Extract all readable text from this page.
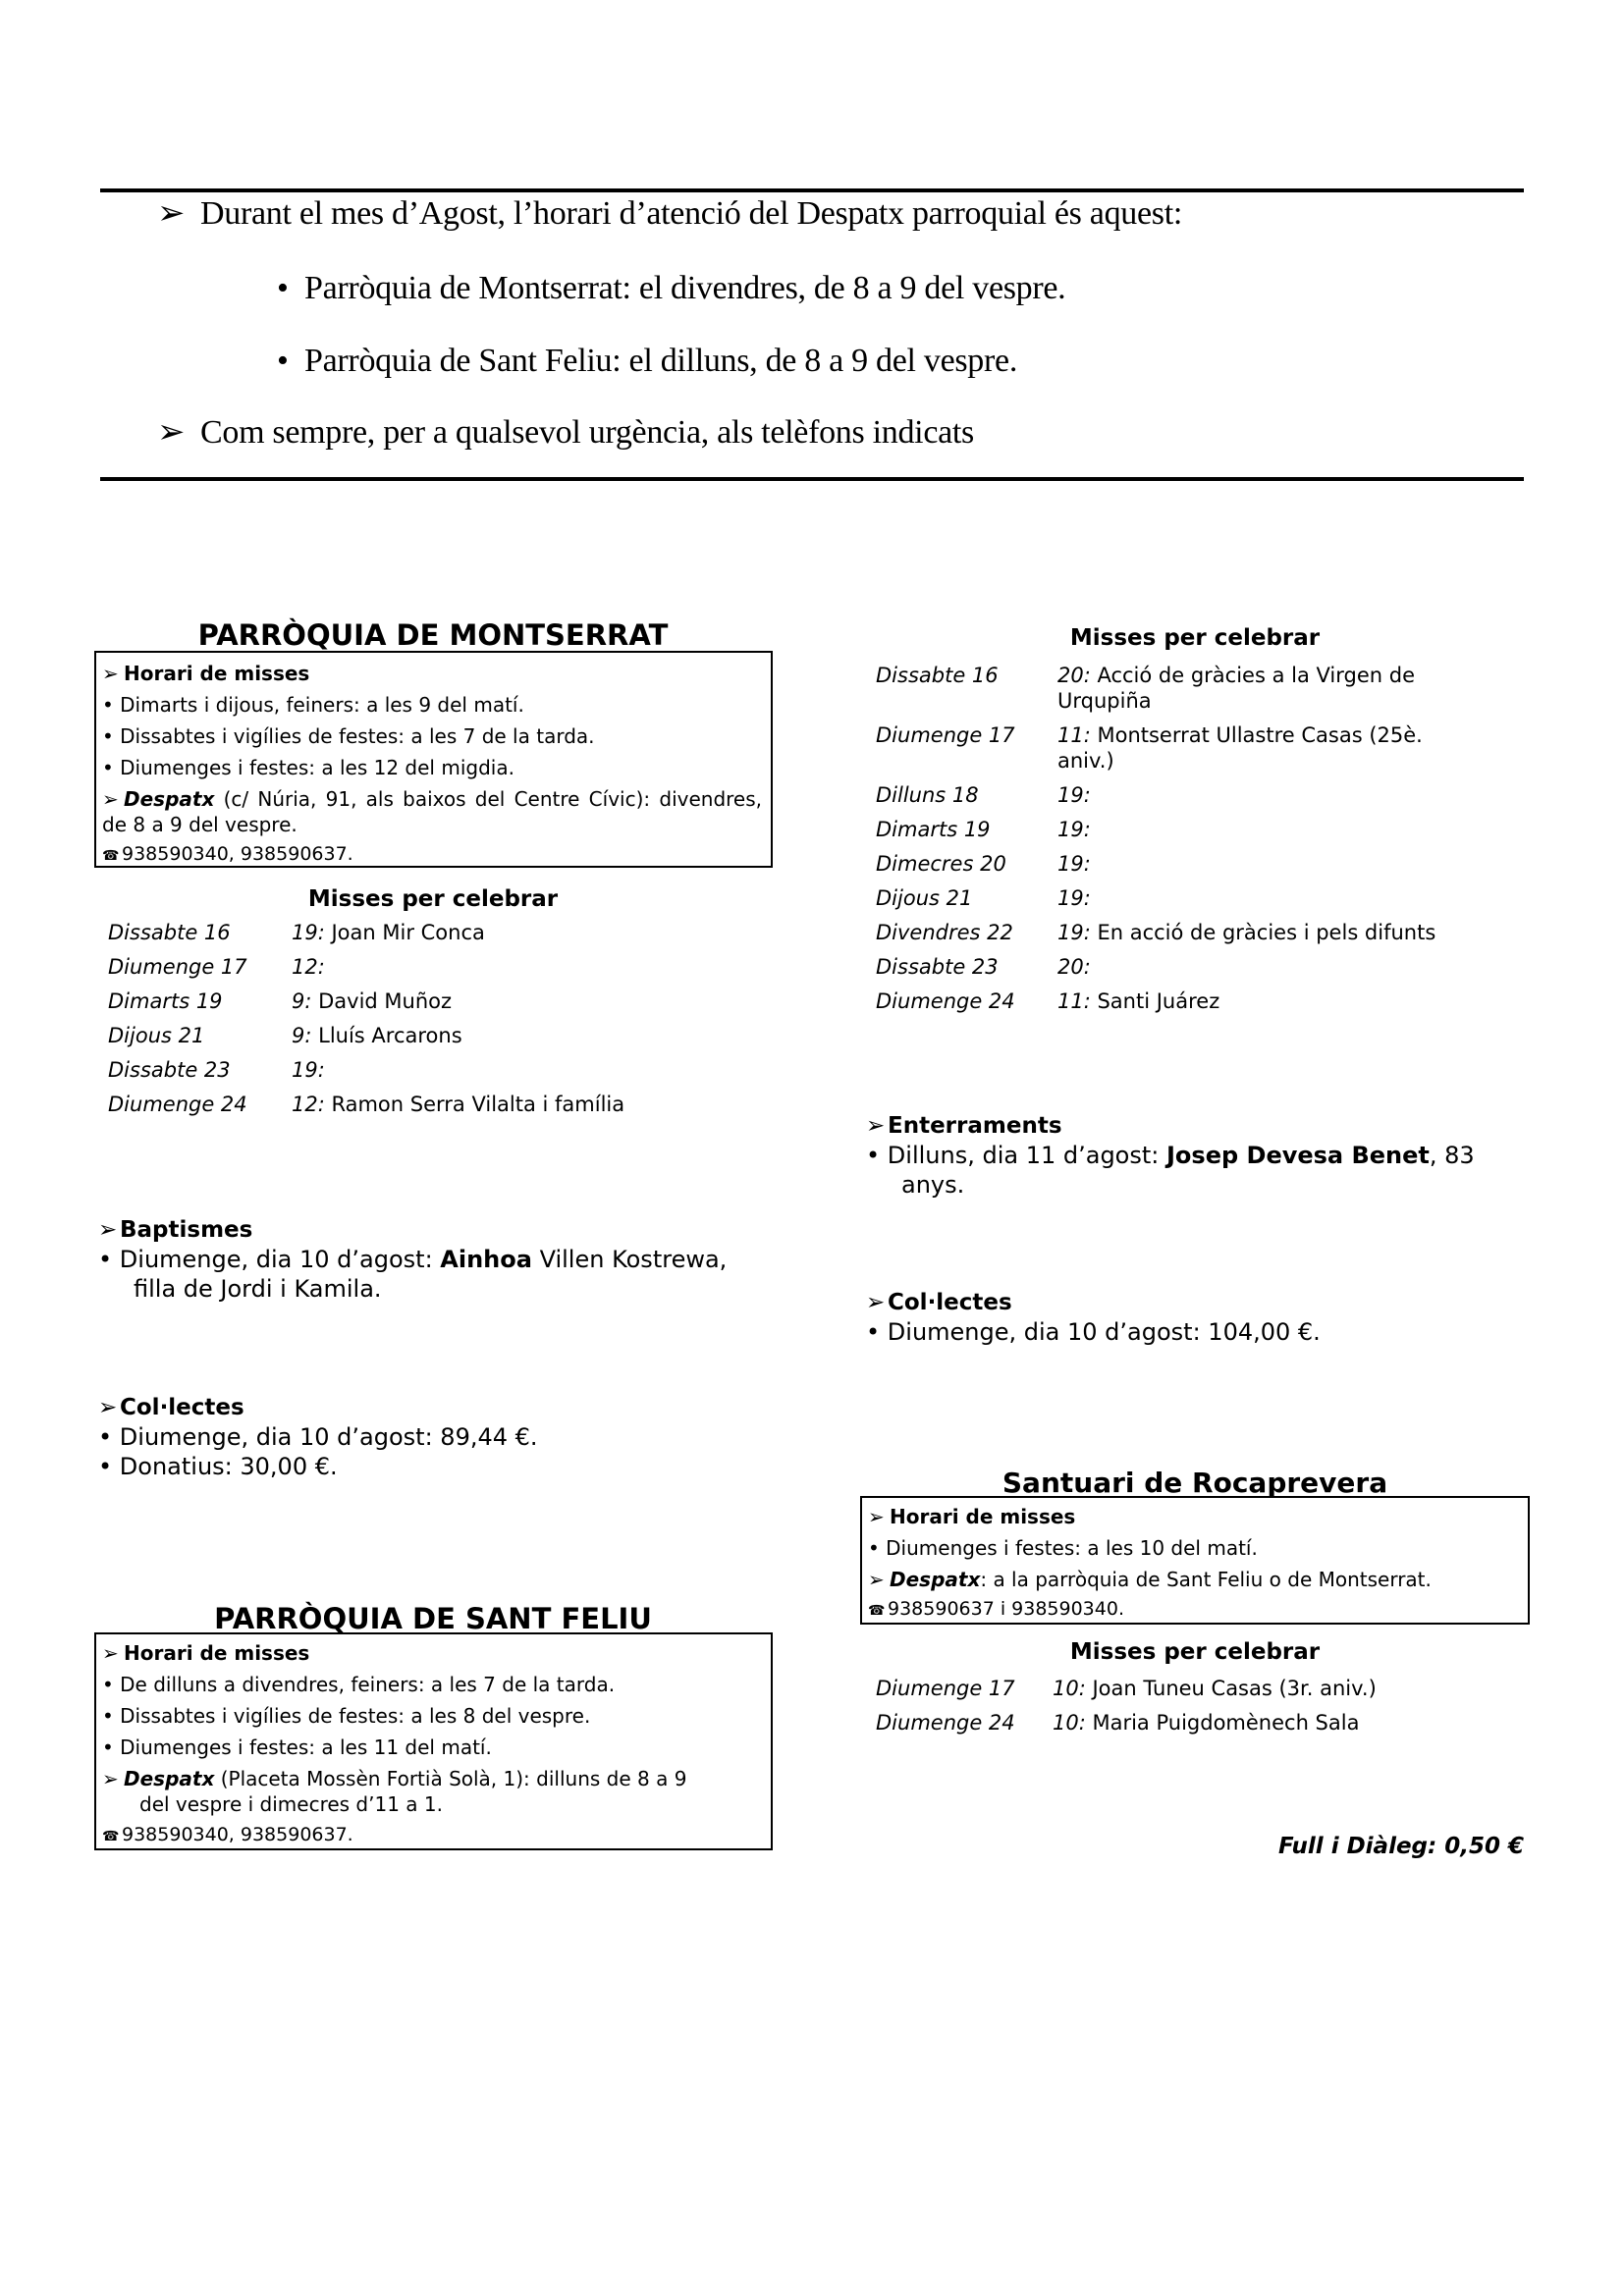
➢ Durant el mes d’Agost, l’horari d’atenció del Despatx parroquial és aquest:
• Parròquia de Montserrat: el divendres, de 8 a 9 del vespre.
• Parròquia de Sant Feliu: el dilluns, de 8 a 9 del vespre.
➢ Com sempre, per a qualsevol urgència, als telèfons indicats
PARRÒQUIA DE MONTSERRAT
➢ Horari de misses
• Dimarts i dijous, feiners: a les 9 del matí.
• Dissabtes i vigílies de festes: a les 7 de la tarda.
• Diumenges i festes: a les 12 del migdia.
➢ Despatx (c/ Núria, 91, als baixos del Centre Cívic): divendres, de 8 a 9 del vespre.
☎ 938590340, 938590637.
Misses per celebrar
Dissabte 16	19: Joan Mir Conca
Diumenge 17 12:
Dimarts 19	9: David Muñoz
Dijous 21	9: Lluís Arcarons
Dissabte 23	19:
Diumenge 24 12: Ramon Serra Vilalta i família
➢ Baptismes
• Diumenge, dia 10 d’agost: Ainhoa Villen Kostrewa,
filla de Jordi i Kamila.
➢ Col·lectes
• Diumenge, dia 10 d’agost: 89,44 €.
• Donatius: 30,00 €.
PARRÒQUIA DE SANT FELIU
➢ Horari de misses
• De dilluns a divendres, feiners: a les 7 de la tarda.
• Dissabtes i vigílies de festes: a les 8 del vespre.
• Diumenges i festes: a les 11 del matí.
➢ Despatx (Placeta Mossèn Fortià Solà, 1): dilluns de 8 a 9
del vespre i dimecres d’11 a 1.
☎ 938590340, 938590637.
Misses per celebrar
Dissabte 16	20: Acció de gràcies a la Virgen de
Urqupiña
Diumenge 17 11: Montserrat Ullastre Casas (25è.
aniv.)
Dilluns 18	19:
Dimarts 19	19:
Dimecres 20 19:
Dijous 21	19:
Divendres 22 19: En acció de gràcies i pels difunts
Dissabte 23	20:
Diumenge 24 11: Santi Juárez
➢ Enterraments
• Dilluns, dia 11 d’agost: Josep Devesa Benet, 83
anys.
➢ Col·lectes
• Diumenge, dia 10 d’agost: 104,00 €.
Santuari de Rocaprevera
➢ Horari de misses
• Diumenges i festes: a les 10 del matí.
➢ Despatx: a la parròquia de Sant Feliu o de Montserrat.
☎ 938590637 i 938590340.
Misses per celebrar
Diumenge 17 10: Joan Tuneu Casas (3r. aniv.)
Diumenge 24 10: Maria Puigdomènech Sala
Full i Diàleg: 0,50 €
